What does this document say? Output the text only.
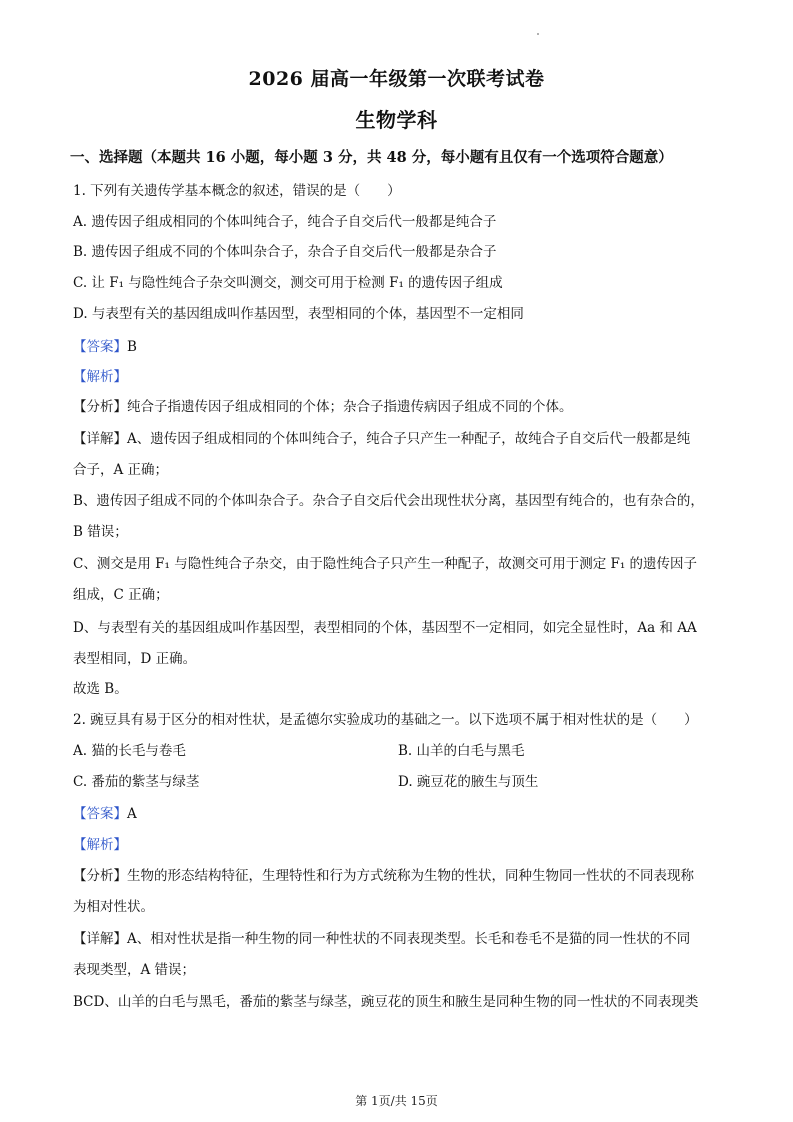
2026 届高一年级第一次联考试卷
生物学科
一、选择题（本题共 16 小题，每小题 3 分，共 48 分，每小题有且仅有一个选项符合题意）
1. 下列有关遗传学基本概念的叙述，错误的是（　　）
A. 遗传因子组成相同的个体叫纯合子，纯合子自交后代一般都是纯合子
B. 遗传因子组成不同的个体叫杂合子，杂合子自交后代一般都是杂合子
C. 让 F₁ 与隐性纯合子杂交叫测交，测交可用于检测 F₁ 的遗传因子组成
D. 与表型有关的基因组成叫作基因型，表型相同的个体，基因型不一定相同
【答案】B
【解析】
【分析】纯合子指遗传因子组成相同的个体；杂合子指遗传病因子组成不同的个体。
【详解】A、遗传因子组成相同的个体叫纯合子，纯合子只产生一种配子，故纯合子自交后代一般都是纯
合子，A 正确；
B、遗传因子组成不同的个体叫杂合子。杂合子自交后代会出现性状分离，基因型有纯合的，也有杂合的，
B 错误；
C、测交是用 F₁ 与隐性纯合子杂交，由于隐性纯合子只产生一种配子，故测交可用于测定 F₁ 的遗传因子
组成，C 正确；
D、与表型有关的基因组成叫作基因型，表型相同的个体，基因型不一定相同，如完全显性时，Aa 和 AA
表型相同，D 正确。
故选 B。
2. 豌豆具有易于区分的相对性状，是孟德尔实验成功的基础之一。以下选项不属于相对性状的是（　　）
A. 猫的长毛与卷毛	B. 山羊的白毛与黑毛
C. 番茄的紫茎与绿茎	D. 豌豆花的腋生与顶生
【答案】A
【解析】
【分析】生物的形态结构特征，生理特性和行为方式统称为生物的性状，同种生物同一性状的不同表现称
为相对性状。
【详解】A、相对性状是指一种生物的同一种性状的不同表现类型。长毛和卷毛不是猫的同一性状的不同
表现类型，A 错误；
BCD、山羊的白毛与黑毛，番茄的紫茎与绿茎，豌豆花的顶生和腋生是同种生物的同一性状的不同表现类
第 1页/共 15页
